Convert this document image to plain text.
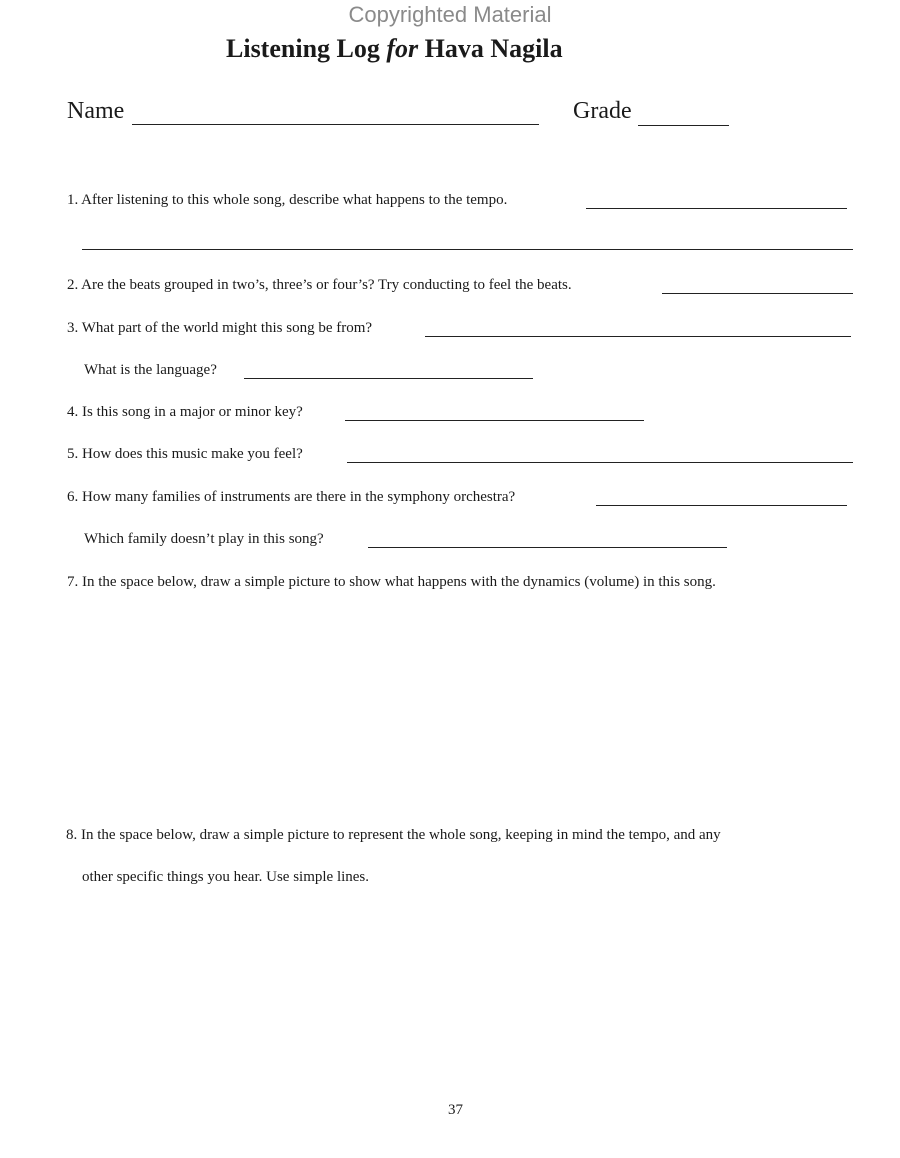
Copyrighted Material
Listening Log for Hava Nagila
Name	Grade
1. After listening to this whole song, describe what happens to the tempo.
2. Are the beats grouped in two’s, three’s or four’s? Try conducting to feel the beats.
3. What part of the world might this song be from?
What is the language?
4. Is this song in a major or minor key?
5. How does this music make you feel?
6. How many families of instruments are there in the symphony orchestra?
Which family doesn’t play in this song?
7. In the space below, draw a simple picture to show what happens with the dynamics (volume) in this song.
8. In the space below, draw a simple picture to represent the whole song, keeping in mind the tempo, and any
other specific things you hear. Use simple lines.
37
